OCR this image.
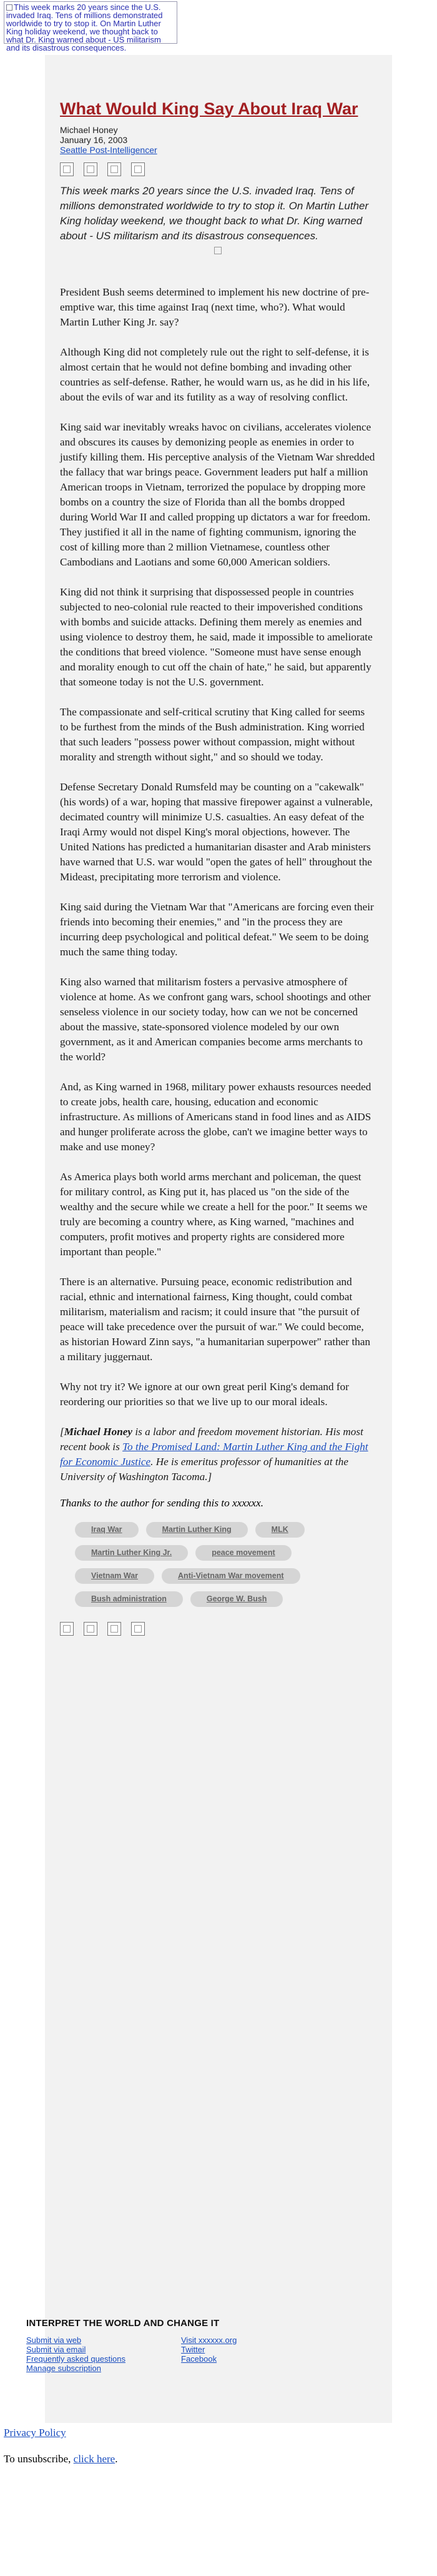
This week marks 20 years since the U.S. invaded Iraq. Tens of millions demonstrated worldwide to try to stop it. On Martin Luther King holiday weekend, we thought back to what Dr. King warned about - US militarism and its disastrous consequences.
What Would King Say About Iraq War
Michael Honey
January 16, 2003
Seattle Post-Intelligencer
This week marks 20 years since the U.S. invaded Iraq. Tens of millions demonstrated worldwide to try to stop it. On Martin Luther King holiday weekend, we thought back to what Dr. King warned about - US militarism and its disastrous consequences.

President Bush seems determined to implement his new doctrine of pre-emptive war, this time against Iraq (next time, who?). What would Martin Luther King Jr. say?

Although King did not completely rule out the right to self-defense, it is almost certain that he would not define bombing and invading other countries as self-defense. Rather, he would warn us, as he did in his life, about the evils of war and its futility as a way of resolving conflict.

King said war inevitably wreaks havoc on civilians, accelerates violence and obscures its causes by demonizing people as enemies in order to justify killing them. His perceptive analysis of the Vietnam War shredded the fallacy that war brings peace. Government leaders put half a million American troops in Vietnam, terrorized the populace by dropping more bombs on a country the size of Florida than all the bombs dropped during World War II and called propping up dictators a war for freedom. They justified it all in the name of fighting communism, ignoring the cost of killing more than 2 million Vietnamese, countless other Cambodians and Laotians and some 60,000 American soldiers.

King did not think it surprising that dispossessed people in countries subjected to neo-colonial rule reacted to their impoverished conditions with bombs and suicide attacks. Defining them merely as enemies and using violence to destroy them, he said, made it impossible to ameliorate the conditions that breed violence. "Someone must have sense enough and morality enough to cut off the chain of hate," he said, but apparently that someone today is not the U.S. government.

The compassionate and self-critical scrutiny that King called for seems to be furthest from the minds of the Bush administration. King worried that such leaders "possess power without compassion, might without morality and strength without sight," and so should we today.

Defense Secretary Donald Rumsfeld may be counting on a "cakewalk" (his words) of a war, hoping that massive firepower against a vulnerable, decimated country will minimize U.S. casualties. An easy defeat of the Iraqi Army would not dispel King's moral objections, however. The United Nations has predicted a humanitarian disaster and Arab ministers have warned that U.S. war would "open the gates of hell" throughout the Mideast, precipitating more terrorism and violence.

King said during the Vietnam War that "Americans are forcing even their friends into becoming their enemies," and "in the process they are incurring deep psychological and political defeat." We seem to be doing much the same thing today.

King also warned that militarism fosters a pervasive atmosphere of violence at home. As we confront gang wars, school shootings and other senseless violence in our society today, how can we not be concerned about the massive, state-sponsored violence modeled by our own government, as it and American companies become arms merchants to the world?

And, as King warned in 1968, military power exhausts resources needed to create jobs, health care, housing, education and economic infrastructure. As millions of Americans stand in food lines and as AIDS and hunger proliferate across the globe, can't we imagine better ways to make and use money?

As America plays both world arms merchant and policeman, the quest for military control, as King put it, has placed us "on the side of the wealthy and the secure while we create a hell for the poor." It seems we truly are becoming a country where, as King warned, "machines and computers, profit motives and property rights are considered more important than people."

There is an alternative. Pursuing peace, economic redistribution and racial, ethnic and international fairness, King thought, could combat militarism, materialism and racism; it could insure that "the pursuit of peace will take precedence over the pursuit of war." We could become, as historian Howard Zinn says, "a humanitarian superpower" rather than a military juggernaut.

Why not try it? We ignore at our own great peril King's demand for reordering our priorities so that we live up to our moral ideals.

[Michael Honey is a labor and freedom movement historian. His most recent book is To the Promised Land: Martin Luther King and the Fight for Economic Justice. He is emeritus professor of humanities at the University of Washington Tacoma.]

Thanks to the author for sending this to xxxxxx.

Iraq War	Martin Luther King	MLKMartin Luther King Jr.	peace movementVietnam War	Anti-Vietnam War movementBush administration	George W. Bush
INTERPRET THE WORLD AND CHANGE IT
Submit via web
Submit via email
Frequently asked questions
Manage subscription
Visit xxxxxx.org
Twitter
Facebook
Privacy Policy
To unsubscribe, click here.
